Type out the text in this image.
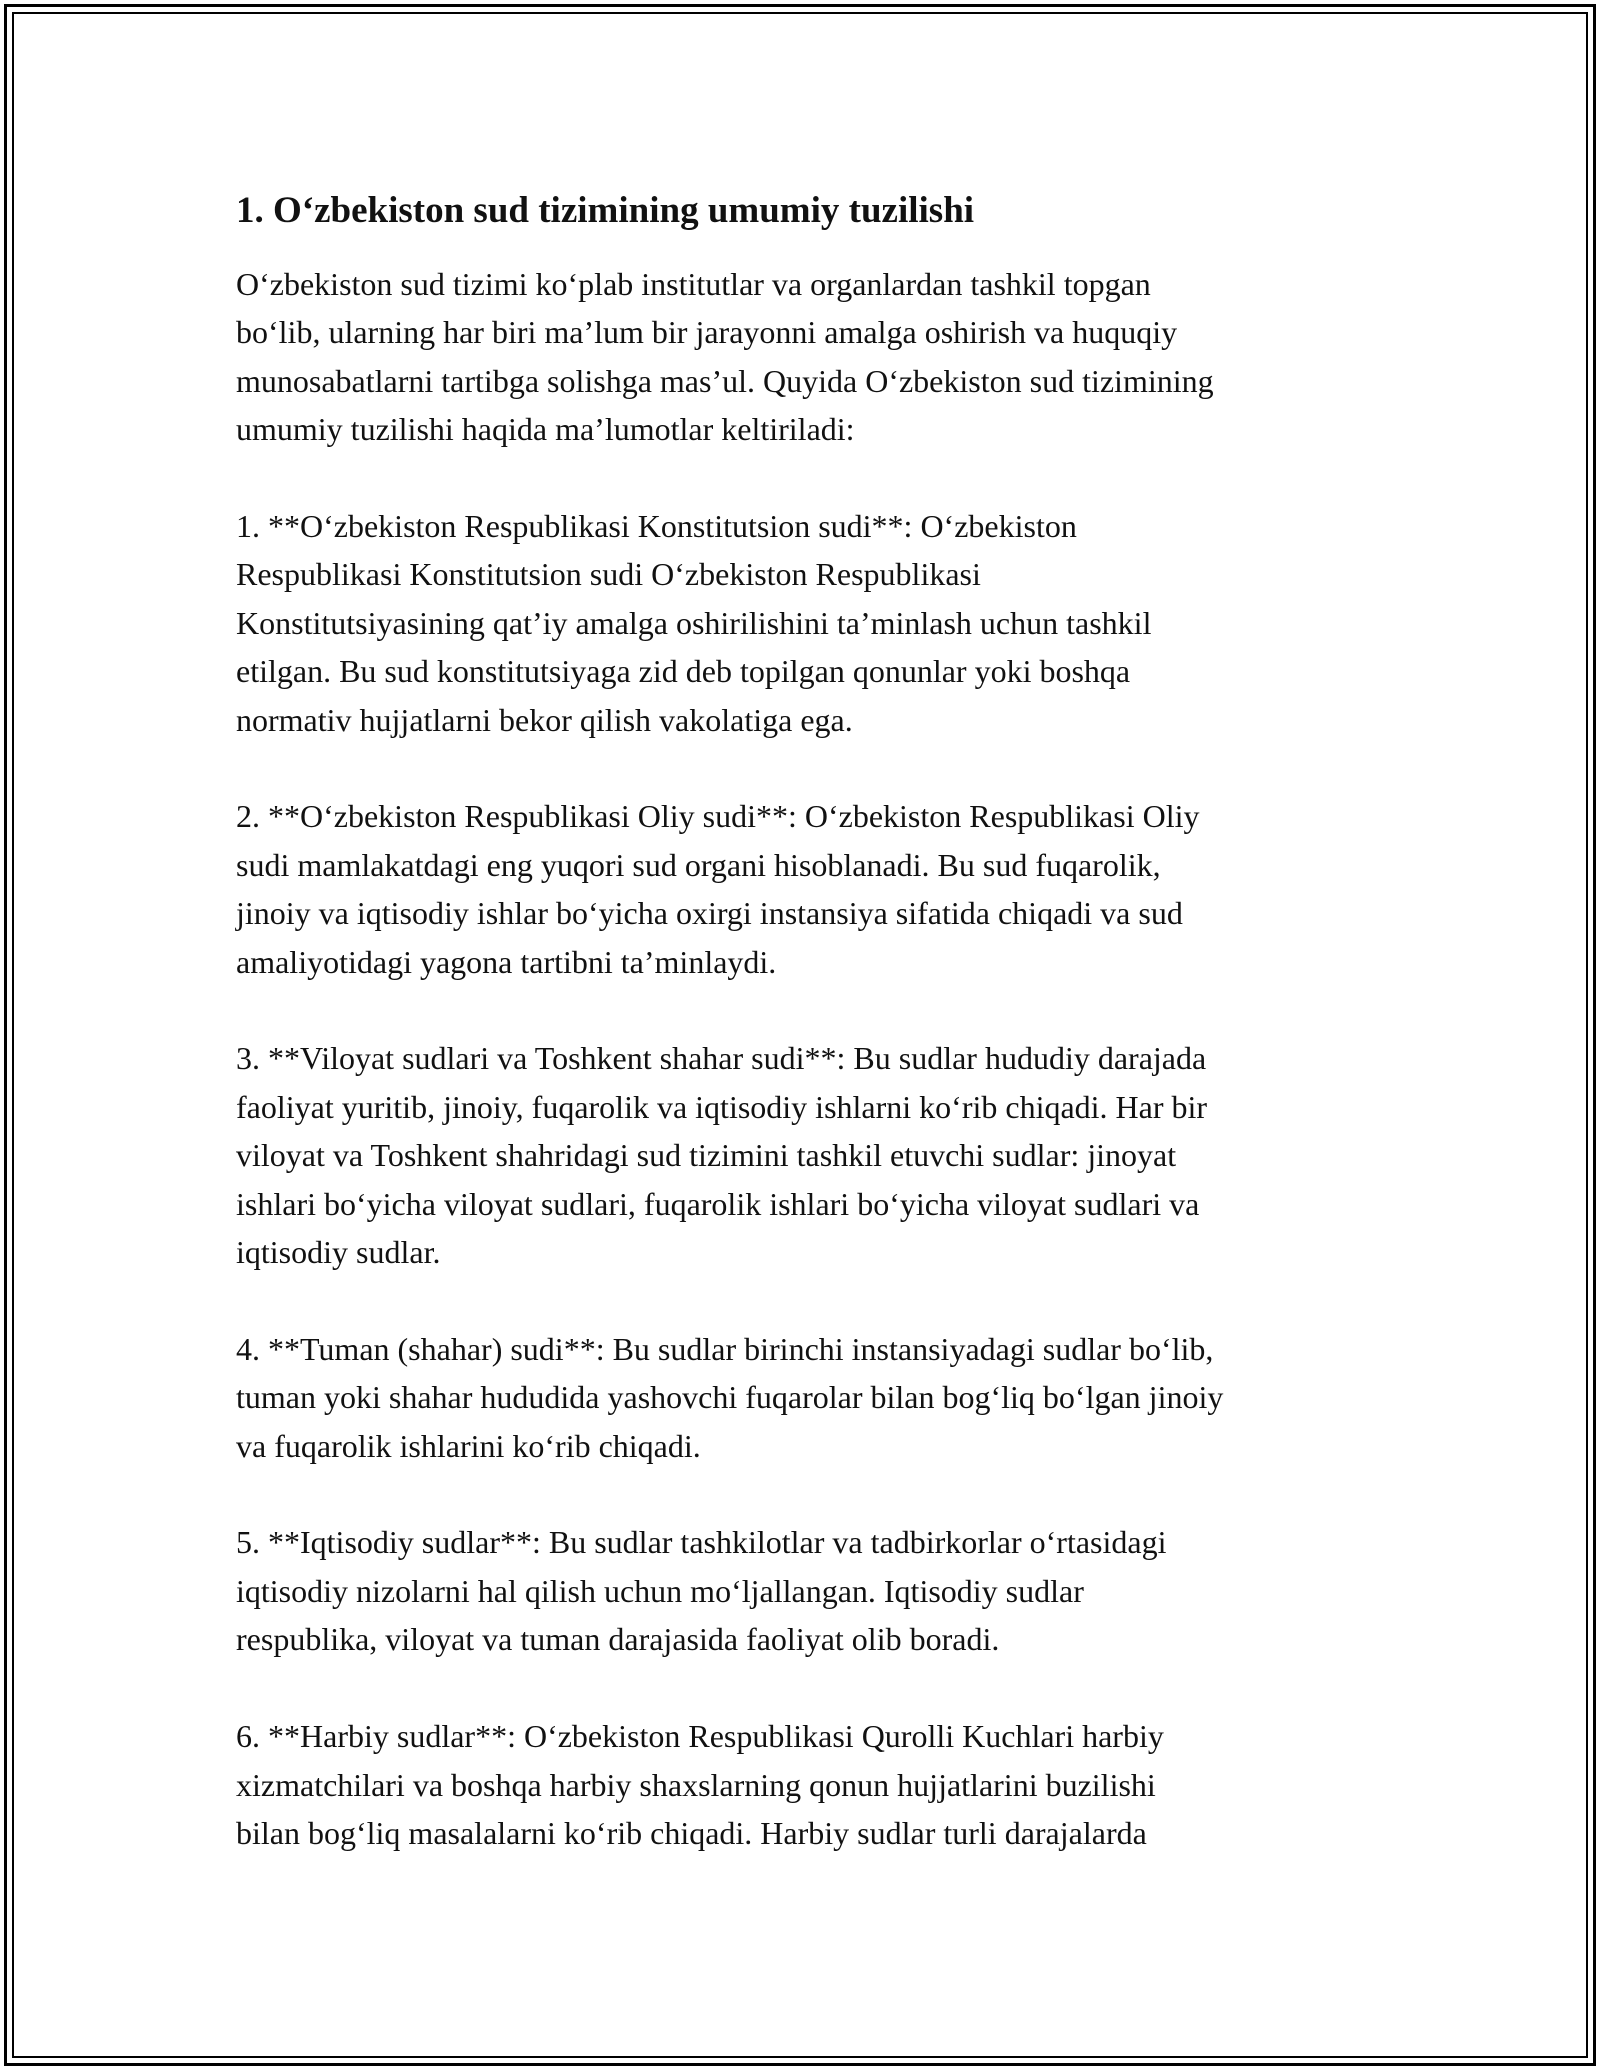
1. O‘zbekiston sud tizimining umumiy tuzilishi
O‘zbekiston sud tizimi ko‘plab institutlar va organlardan tashkil topgan
bo‘lib, ularning har biri ma’lum bir jarayonni amalga oshirish va huquqiy
munosabatlarni tartibga solishga mas’ul. Quyida O‘zbekiston sud tizimining
umumiy tuzilishi haqida ma’lumotlar keltiriladi:
1. **O‘zbekiston Respublikasi Konstitutsion sudi**: O‘zbekiston
Respublikasi Konstitutsion sudi O‘zbekiston Respublikasi
Konstitutsiyasining qat’iy amalga oshirilishini ta’minlash uchun tashkil
etilgan. Bu sud konstitutsiyaga zid deb topilgan qonunlar yoki boshqa
normativ hujjatlarni bekor qilish vakolatiga ega.
2. **O‘zbekiston Respublikasi Oliy sudi**: O‘zbekiston Respublikasi Oliy
sudi mamlakatdagi eng yuqori sud organi hisoblanadi. Bu sud fuqarolik,
jinoiy va iqtisodiy ishlar bo‘yicha oxirgi instansiya sifatida chiqadi va sud
amaliyotidagi yagona tartibni ta’minlaydi.
3. **Viloyat sudlari va Toshkent shahar sudi**: Bu sudlar hududiy darajada
faoliyat yuritib, jinoiy, fuqarolik va iqtisodiy ishlarni ko‘rib chiqadi. Har bir
viloyat va Toshkent shahridagi sud tizimini tashkil etuvchi sudlar: jinoyat
ishlari bo‘yicha viloyat sudlari, fuqarolik ishlari bo‘yicha viloyat sudlari va
iqtisodiy sudlar.
4. **Tuman (shahar) sudi**: Bu sudlar birinchi instansiyadagi sudlar bo‘lib,
tuman yoki shahar hududida yashovchi fuqarolar bilan bog‘liq bo‘lgan jinoiy
va fuqarolik ishlarini ko‘rib chiqadi.
5. **Iqtisodiy sudlar**: Bu sudlar tashkilotlar va tadbirkorlar o‘rtasidagi
iqtisodiy nizolarni hal qilish uchun mo‘ljallangan. Iqtisodiy sudlar
respublika, viloyat va tuman darajasida faoliyat olib boradi.
6. **Harbiy sudlar**: O‘zbekiston Respublikasi Qurolli Kuchlari harbiy
xizmatchilari va boshqa harbiy shaxslarning qonun hujjatlarini buzilishi
bilan bog‘liq masalalarni ko‘rib chiqadi. Harbiy sudlar turli darajalarda
